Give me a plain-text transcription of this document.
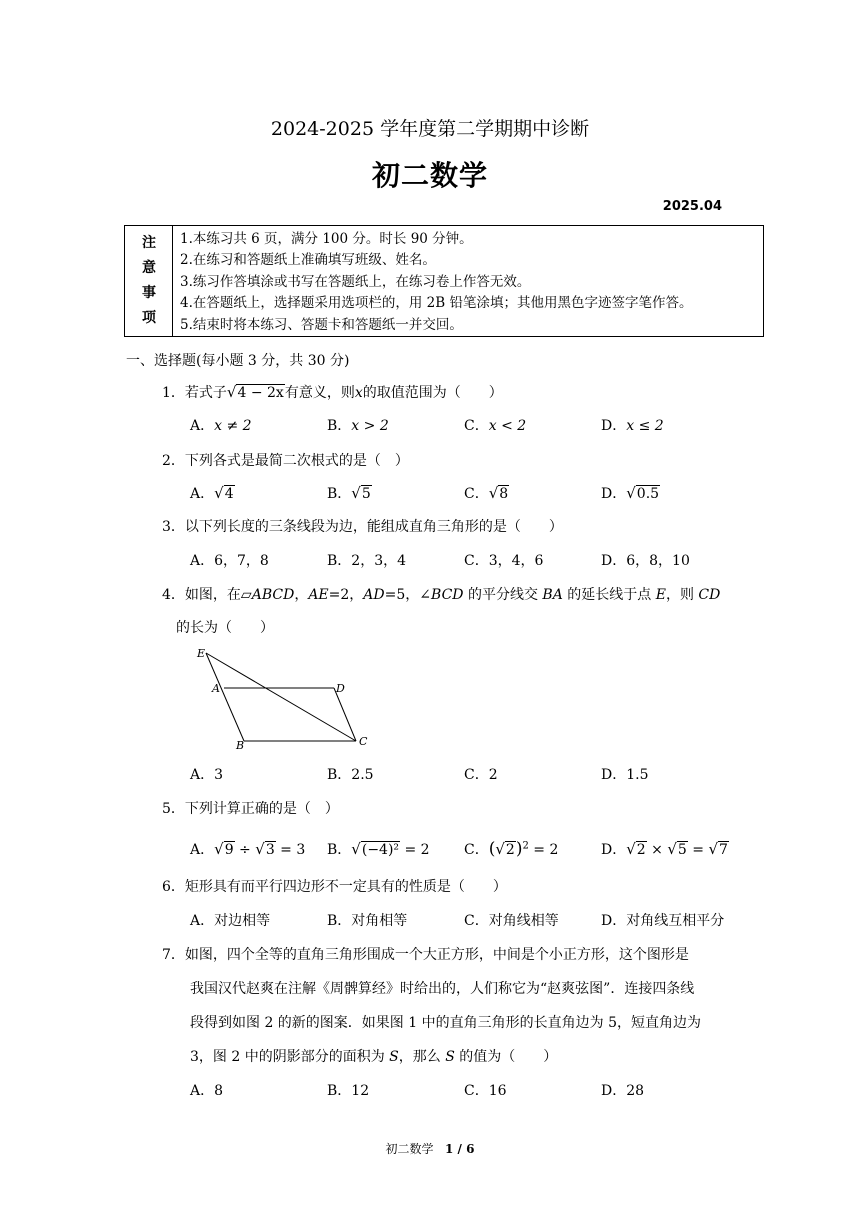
2024-2025 学年度第二学期期中诊断
初二数学
2025.04
注
意
事
项
1.本练习共 6 页，满分 100 分。时长 90 分钟。
2.在练习和答题纸上准确填写班级、姓名。
3.练习作答填涂或书写在答题纸上，在练习卷上作答无效。
4.在答题纸上，选择题采用选项栏的，用 2B 铅笔涂填；其他用黑色字迹签字笔作答。
5.结束时将本练习、答题卡和答题纸一并交回。
一、选择题(每小题 3 分，共 30 分)
1．若式子√4 − 2x有意义，则x的取值范围为（　　）
A．x ≠ 2	B．x > 2	C．x < 2	D．x ≤ 2
2．下列各式是最简二次根式的是（　）
A．√4	B．√5	C．√8	D．√0.5
3．以下列长度的三条线段为边，能组成直角三角形的是（　　）
A．6，7，8	B．2，3，4	C．3，4，6	D．6，8，10
4．如图，在▱ABCD，AE=2，AD=5，∠BCD 的平分线交 BA 的延长线于点 E，则 CD
的长为（　　）
E
A	D
B	C
A．3	B．2.5	C．2	D．1.5
5．下列计算正确的是（　）
A．√9 ÷ √3 = 3 B．√(−4)² = 2 C．$(√2)^2 = 2$	D．√2 × √5 = √7
6．矩形具有而平行四边形不一定具有的性质是（　　）
A．对边相等	B．对角相等	C．对角线相等	D．对角线互相平分
7．如图，四个全等的直角三角形围成一个大正方形，中间是个小正方形，这个图形是
我国汉代赵爽在注解《周髀算经》时给出的，人们称它为“赵爽弦图”．连接四条线
段得到如图 2 的新的图案．如果图 1 中的直角三角形的长直角边为 5，短直角边为
3，图 2 中的阴影部分的面积为 S，那么 S 的值为（　　）
A．8	B．12	C．16	D．28
初二数学 1 / 6
